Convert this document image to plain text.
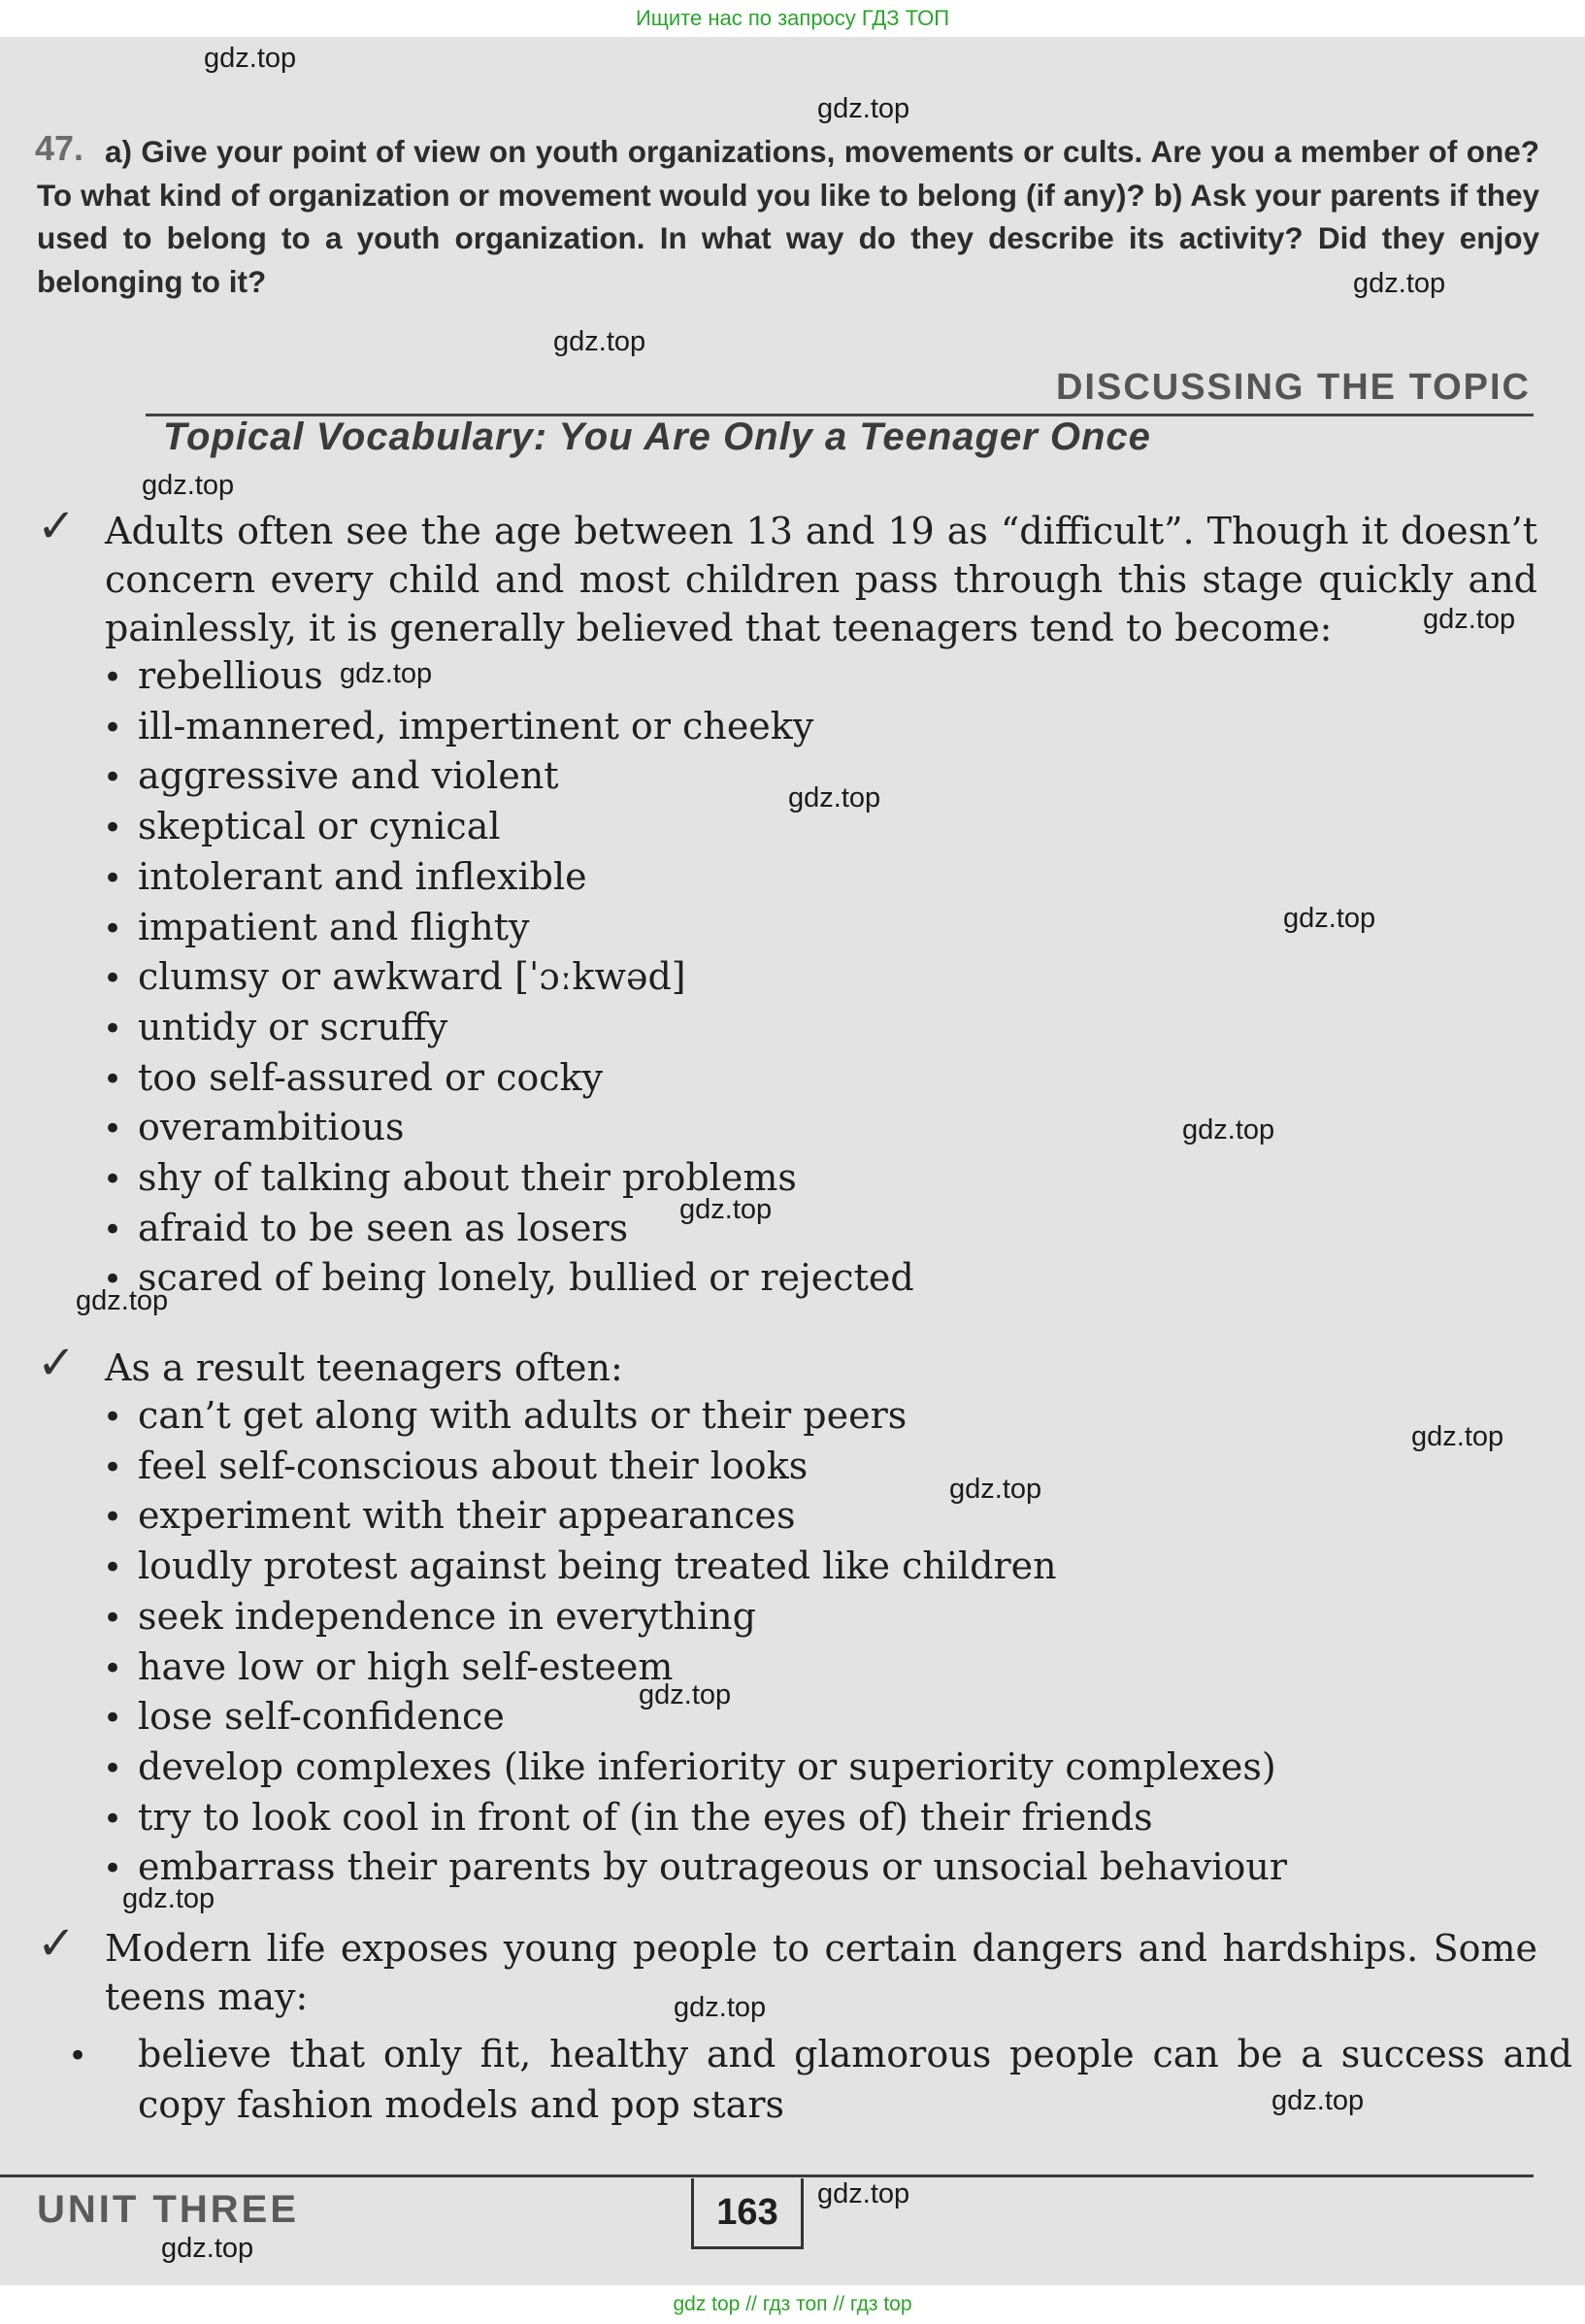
Ищите нас по запросу ГДЗ ТОП
47. a) Give your point of view on youth organizations, movements or cults. Are you a member of one? To what kind of organization or movement would you like to belong (if any)? b) Ask your parents if they used to belong to a youth organization. In what way do they describe its activity? Did they enjoy belonging to it?
DISCUSSING THE TOPIC
Topical Vocabulary: You Are Only a Teenager Once
✓ Adults often see the age between 13 and 19 as “difficult”. Though it doesn’t concern every child and most children pass through this stage quickly and painlessly, it is generally believed that teenagers tend to become:
• rebellious
• ill-mannered, impertinent or cheeky
• aggressive and violent
• skeptical or cynical
• intolerant and inflexible
• impatient and flighty
• clumsy or awkward [ˈɔːkwəd]
• untidy or scruffy
• too self-assured or cocky
• overambitious
• shy of talking about their problems
• afraid to be seen as losers
• scared of being lonely, bullied or rejected
✓ As a result teenagers often:
• can’t get along with adults or their peers
• feel self-conscious about their looks
• experiment with their appearances
• loudly protest against being treated like children
• seek independence in everything
• have low or high self-esteem
• lose self-confidence
• develop complexes (like inferiority or superiority complexes)
• try to look cool in front of (in the eyes of) their friends
• embarrass their parents by outrageous or unsocial behaviour
✓ Modern life exposes young people to certain dangers and hardships. Some teens may:
• believe that only fit, healthy and glamorous people can be a success and copy fashion models and pop stars
UNIT THREE	163
gdz.top
gdz.top
gdz.top
gdz.top
gdz.top
gdz.top
gdz.top
gdz.top
gdz.top
gdz.top
gdz.top
gdz.top
gdz.top
gdz.top
gdz.top
gdz.top
gdz.top
gdz.top
gdz.top
gdz.top
gdz top // гдз топ // гдз top
